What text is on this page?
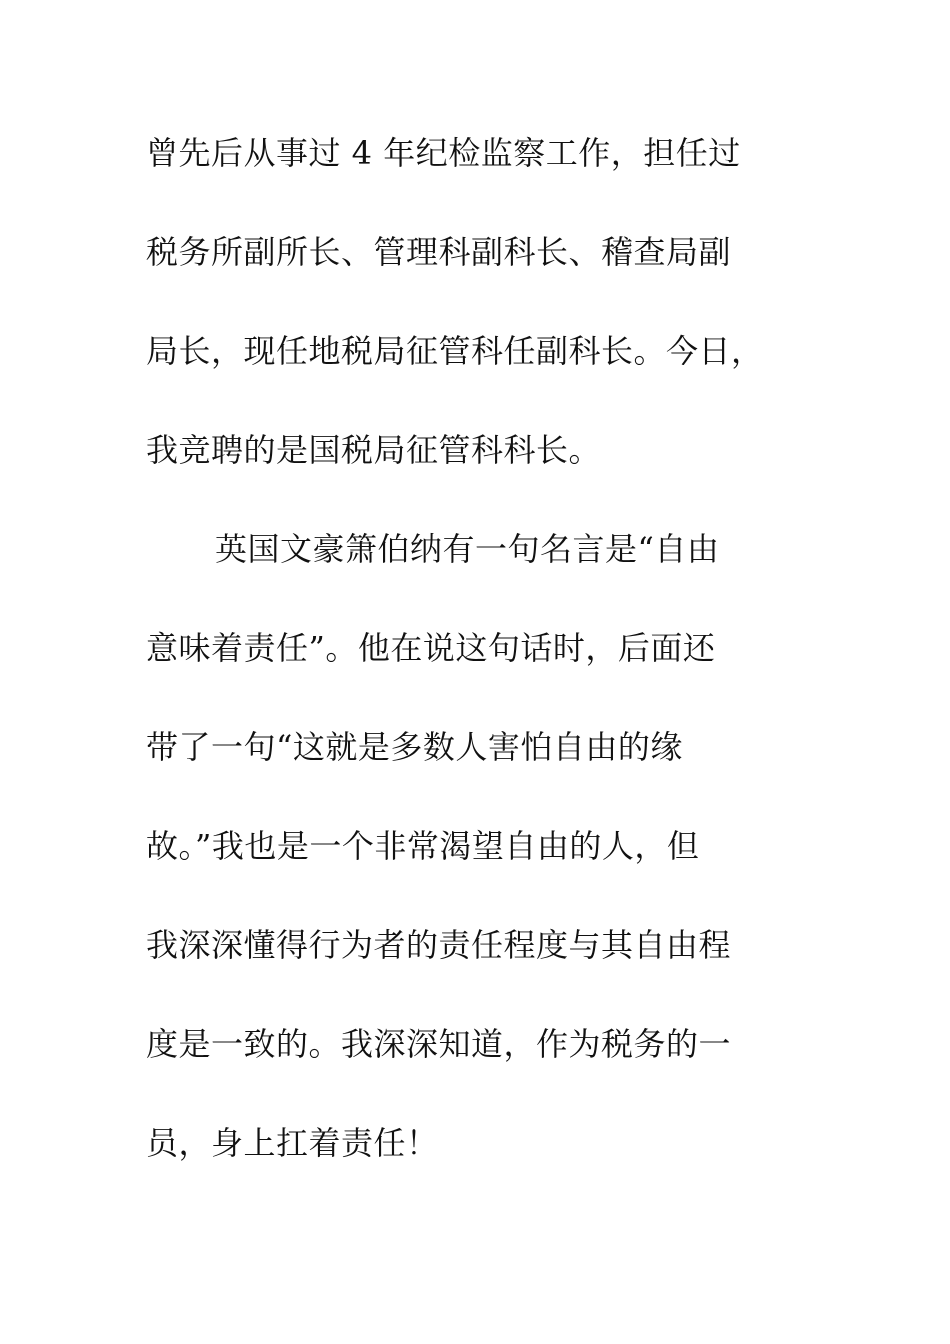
曾先后从事过 4 年纪检监察工作，担任过

税务所副所长、管理科副科长、稽查局副

局长，现任地税局征管科任副科长。今日，

我竞聘的是国税局征管科科长。

英国文豪箫伯纳有一句名言是“自由

意味着责任”。他在说这句话时，后面还

带了一句“这就是多数人害怕自由的缘

故。”我也是一个非常渴望自由的人，但

我深深懂得行为者的责任程度与其自由程

度是一致的。我深深知道，作为税务的一

员，身上扛着责任！
